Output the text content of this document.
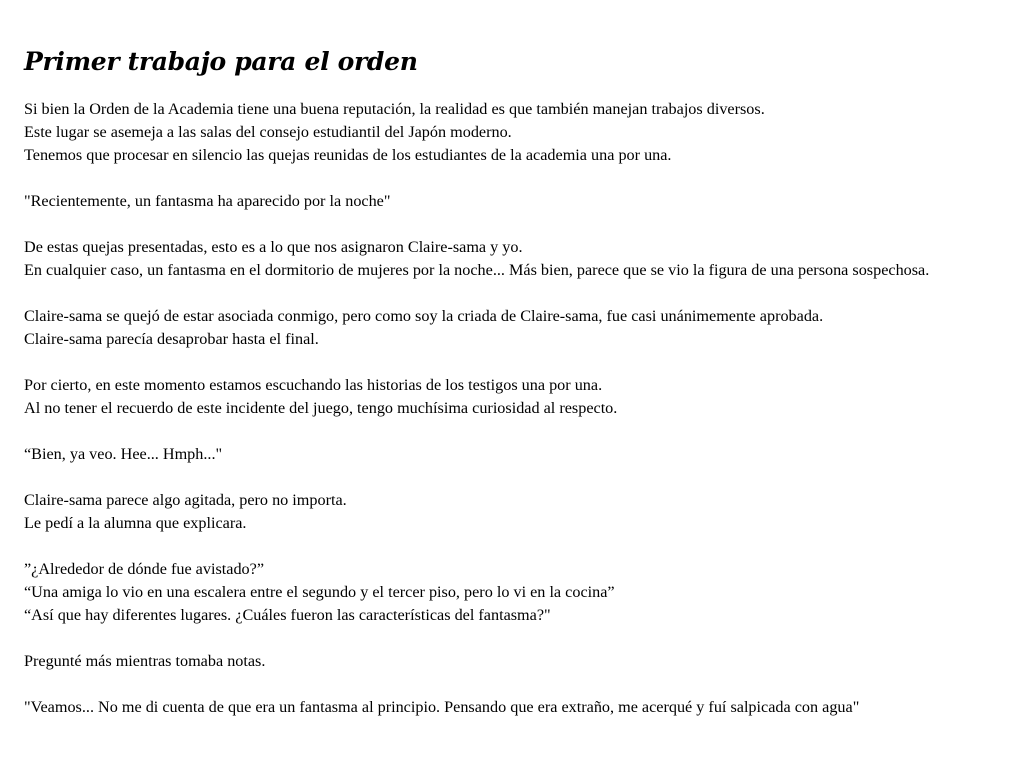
Primer trabajo para el orden
Si bien la Orden de la Academia tiene una buena reputación, la realidad es que también manejan trabajos diversos.
Este lugar se asemeja a las salas del consejo estudiantil del Japón moderno.
Tenemos que procesar en silencio las quejas reunidas de los estudiantes de la academia una por una.
"Recientemente, un fantasma ha aparecido por la noche"
De estas quejas presentadas, esto es a lo que nos asignaron Claire-sama y yo.
En cualquier caso, un fantasma en el dormitorio de mujeres por la noche... Más bien, parece que se vio la figura de una persona sospechosa.
Claire-sama se quejó de estar asociada conmigo, pero como soy la criada de Claire-sama, fue casi unánimemente aprobada.
Claire-sama parecía desaprobar hasta el final.
Por cierto, en este momento estamos escuchando las historias de los testigos una por una.
Al no tener el recuerdo de este incidente del juego, tengo muchísima curiosidad al respecto.
“Bien, ya veo. Hee... Hmph..."
Claire-sama parece algo agitada, pero no importa.
Le pedí a la alumna que explicara.
”¿Alrededor de dónde fue avistado?”
“Una amiga lo vio en una escalera entre el segundo y el tercer piso, pero lo vi en la cocina”
“Así que hay diferentes lugares. ¿Cuáles fueron las características del fantasma?"
Pregunté más mientras tomaba notas.
"Veamos... No me di cuenta de que era un fantasma al principio. Pensando que era extraño, me acerqué y fuí salpicada con agua"
